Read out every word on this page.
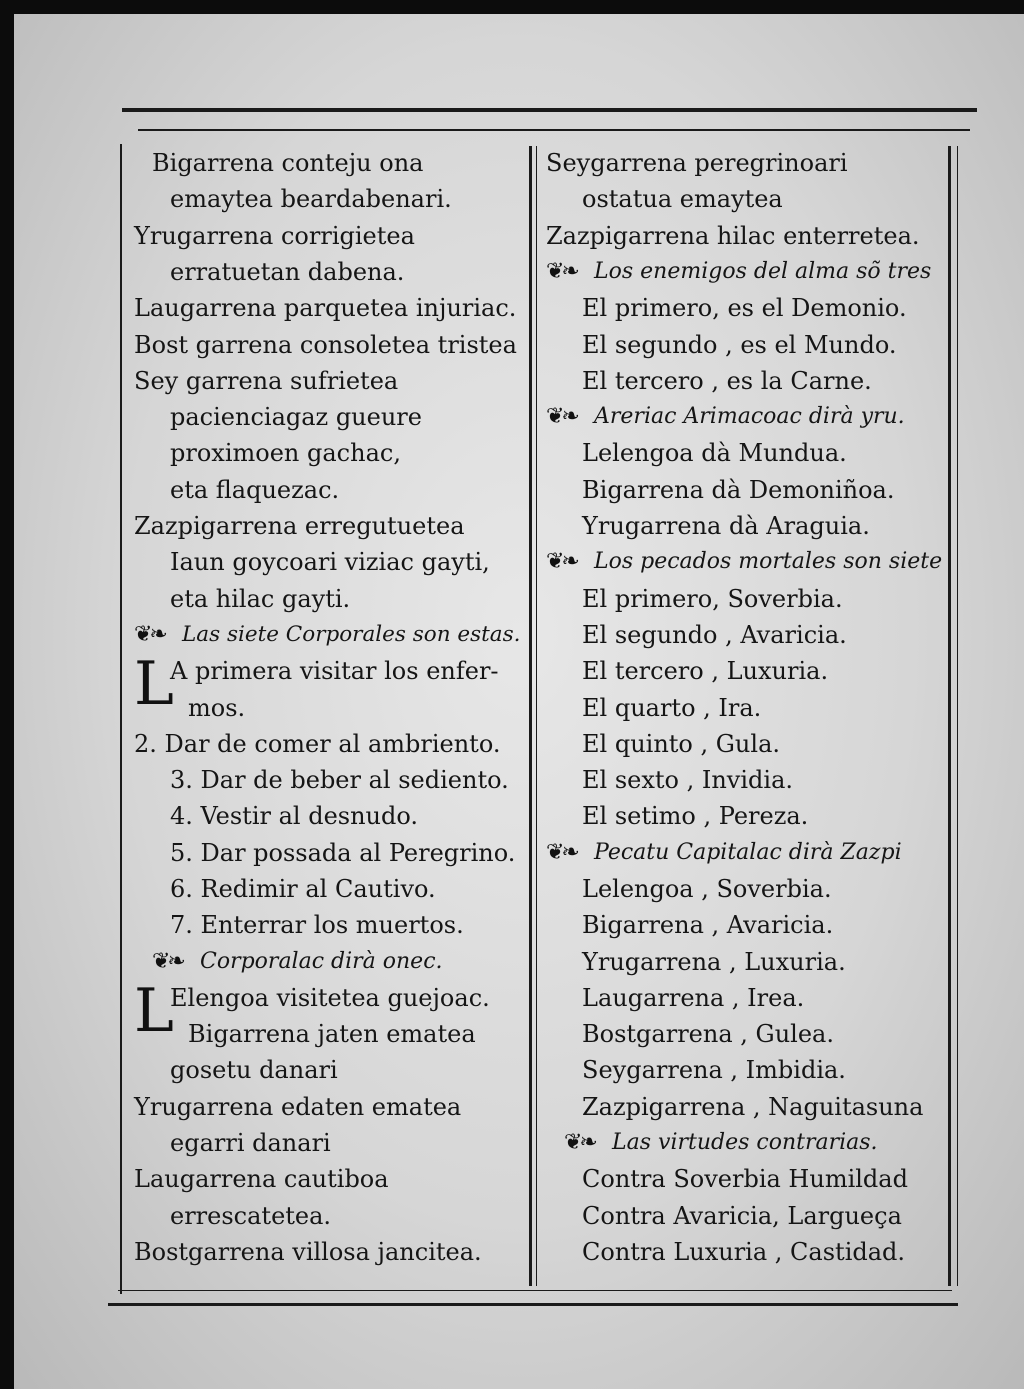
Bigarrena conteju ona
emaytea beardabenari.
Yrugarrena corrigietea
erratuetan dabena.
Laugarrena parquetea injuriac.
Bost garrena consoletea tristea
Sey garrena sufrietea
pacienciagaz gueure
proximoen gachac,
eta flaquezac.
Zazpigarrena erregutuetea
Iaun goycoari viziac gayti,
eta hilac gayti.
❦❧ Las siete Corporales son estas.
L
A primera visitar los enfer-
mos.
2. Dar de comer al ambriento.
3. Dar de beber al sediento.
4. Vestir al desnudo.
5. Dar possada al Peregrino.
6. Redimir al Cautivo.
7. Enterrar los muertos.
❦❧ Corporalac dirà onec.
L
Elengoa visitetea guejoac.
Bigarrena jaten ematea
gosetu danari
Yrugarrena edaten ematea
egarri danari
Laugarrena cautiboa
errescatetea.
Bostgarrena villosa jancitea.
Seygarrena peregrinoari
ostatua emaytea
Zazpigarrena hilac enterretea.
❦❧ Los enemigos del alma sõ tres
El primero, es el Demonio.
El segundo , es el Mundo.
El tercero , es la Carne.
❦❧ Areriac Arimacoac dirà yru.
Lelengoa dà Mundua.
Bigarrena dà Demoniñoa.
Yrugarrena dà Araguia.
❦❧ Los pecados mortales son siete
El primero, Soverbia.
El segundo , Avaricia.
El tercero , Luxuria.
El quarto , Ira.
El quinto , Gula.
El sexto , Invidia.
El setimo , Pereza.
❦❧ Pecatu Capitalac dirà Zazpi
Lelengoa , Soverbia.
Bigarrena , Avaricia.
Yrugarrena , Luxuria.
Laugarrena , Irea.
Bostgarrena , Gulea.
Seygarrena , Imbidia.
Zazpigarrena , Naguitasuna
❦❧ Las virtudes contrarias.
Contra Soverbia Humildad
Contra Avaricia, Largueça
Contra Luxuria , Castidad.
